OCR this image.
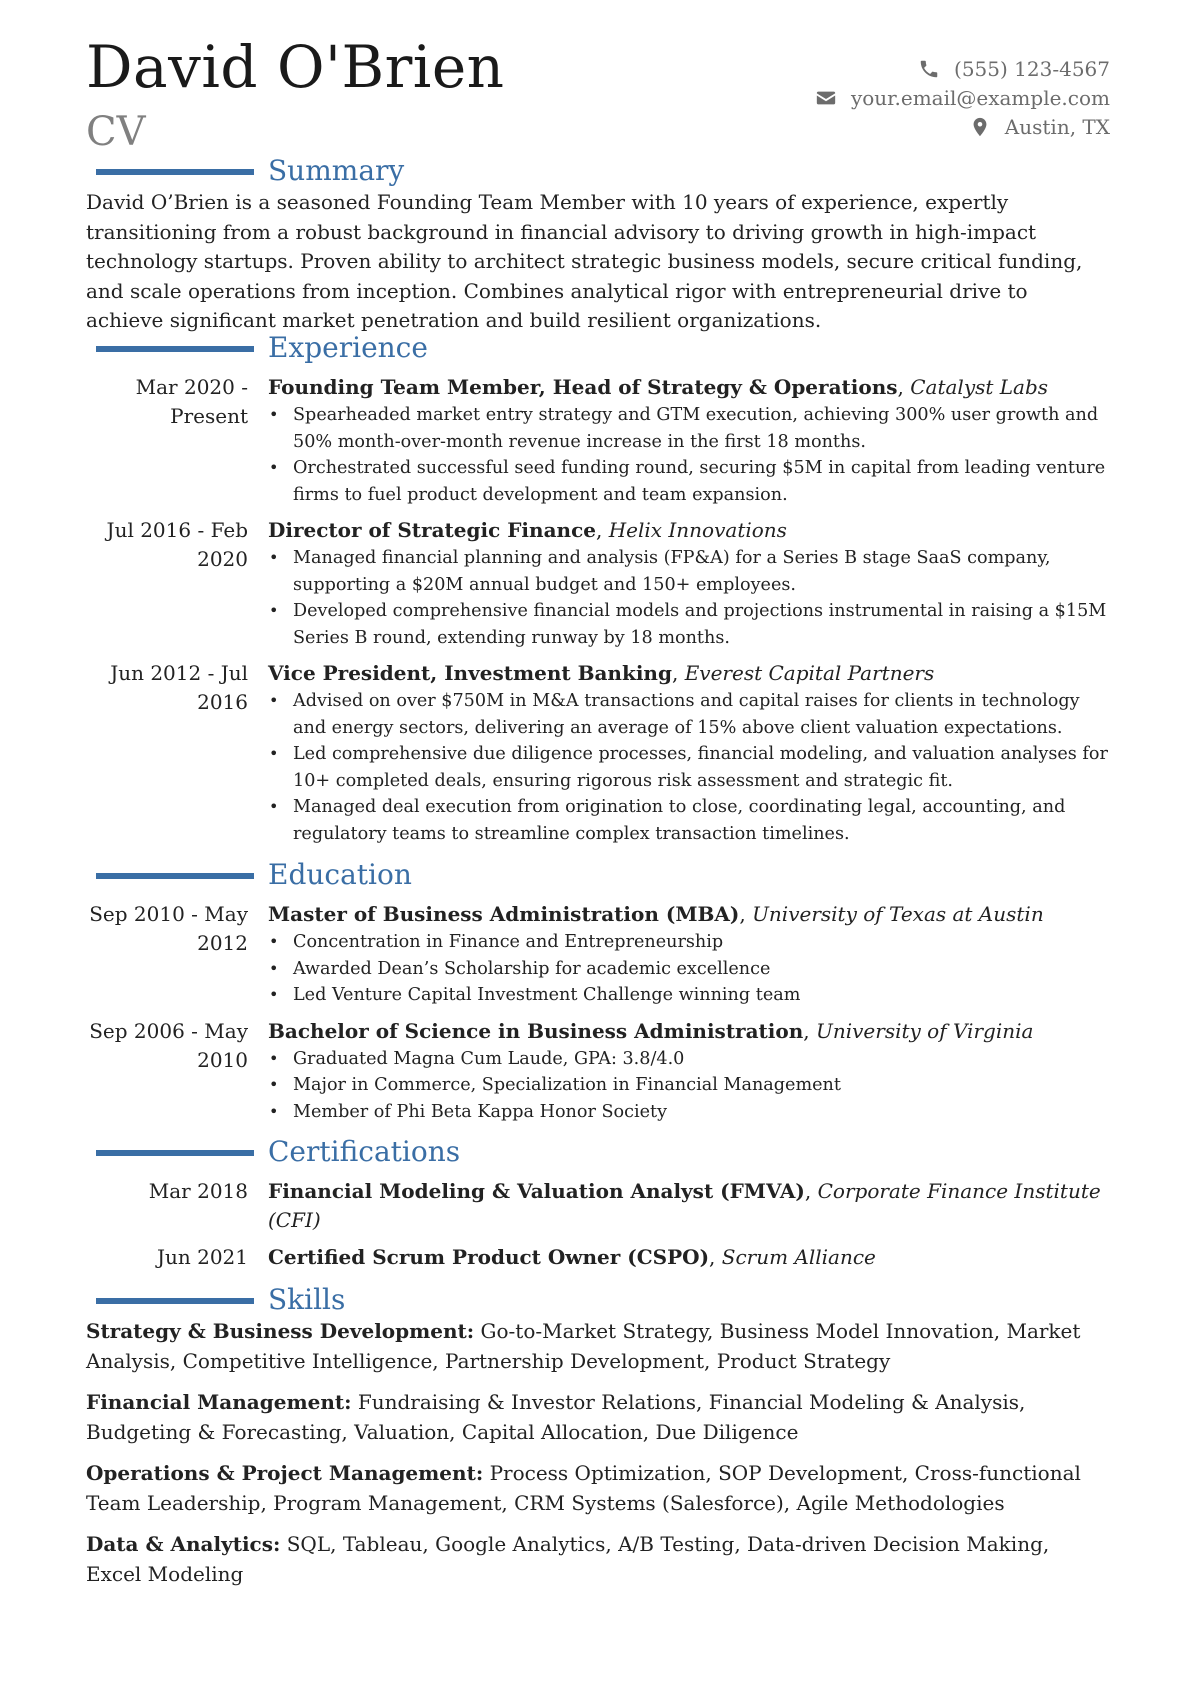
David O'Brien
CV
(555) 123-4567
your.email@example.com
Austin, TX
Summary
David O’Brien is a seasoned Founding Team Member with 10 years of experience, expertly transitioning from a robust background in financial advisory to driving growth in high-impact technology startups. Proven ability to architect strategic business models, secure critical funding, and scale operations from inception. Combines analytical rigor with entrepreneurial drive to achieve significant market penetration and build resilient organizations.
Experience
Mar 2020 - Present
Founding Team Member, Head of Strategy & Operations, Catalyst Labs
• Spearheaded market entry strategy and GTM execution, achieving 300% user growth and 50% month-over-month revenue increase in the first 18 months.
• Orchestrated successful seed funding round, securing $5M in capital from leading venture firms to fuel product development and team expansion.
Jul 2016 - Feb 2020
Director of Strategic Finance, Helix Innovations
• Managed financial planning and analysis (FP&A) for a Series B stage SaaS company, supporting a $20M annual budget and 150+ employees.
• Developed comprehensive financial models and projections instrumental in raising a $15M Series B round, extending runway by 18 months.
Jun 2012 - Jul 2016
Vice President, Investment Banking, Everest Capital Partners
• Advised on over $750M in M&A transactions and capital raises for clients in technology and energy sectors, delivering an average of 15% above client valuation expectations.
• Led comprehensive due diligence processes, financial modeling, and valuation analyses for 10+ completed deals, ensuring rigorous risk assessment and strategic fit.
• Managed deal execution from origination to close, coordinating legal, accounting, and regulatory teams to streamline complex transaction timelines.
Education
Sep 2010 - May 2012
Master of Business Administration (MBA), University of Texas at Austin
• Concentration in Finance and Entrepreneurship
• Awarded Dean’s Scholarship for academic excellence
• Led Venture Capital Investment Challenge winning team
Sep 2006 - May 2010
Bachelor of Science in Business Administration, University of Virginia
• Graduated Magna Cum Laude, GPA: 3.8/4.0
• Major in Commerce, Specialization in Financial Management
• Member of Phi Beta Kappa Honor Society
Certifications
Mar 2018 Financial Modeling & Valuation Analyst (FMVA), Corporate Finance Institute (CFI)
Jun 2021 Certified Scrum Product Owner (CSPO), Scrum Alliance
Skills
Strategy & Business Development: Go-to-Market Strategy, Business Model Innovation, Market Analysis, Competitive Intelligence, Partnership Development, Product Strategy
Financial Management: Fundraising & Investor Relations, Financial Modeling & Analysis, Budgeting & Forecasting, Valuation, Capital Allocation, Due Diligence
Operations & Project Management: Process Optimization, SOP Development, Cross-functional Team Leadership, Program Management, CRM Systems (Salesforce), Agile Methodologies
Data & Analytics: SQL, Tableau, Google Analytics, A/B Testing, Data-driven Decision Making, Excel Modeling
